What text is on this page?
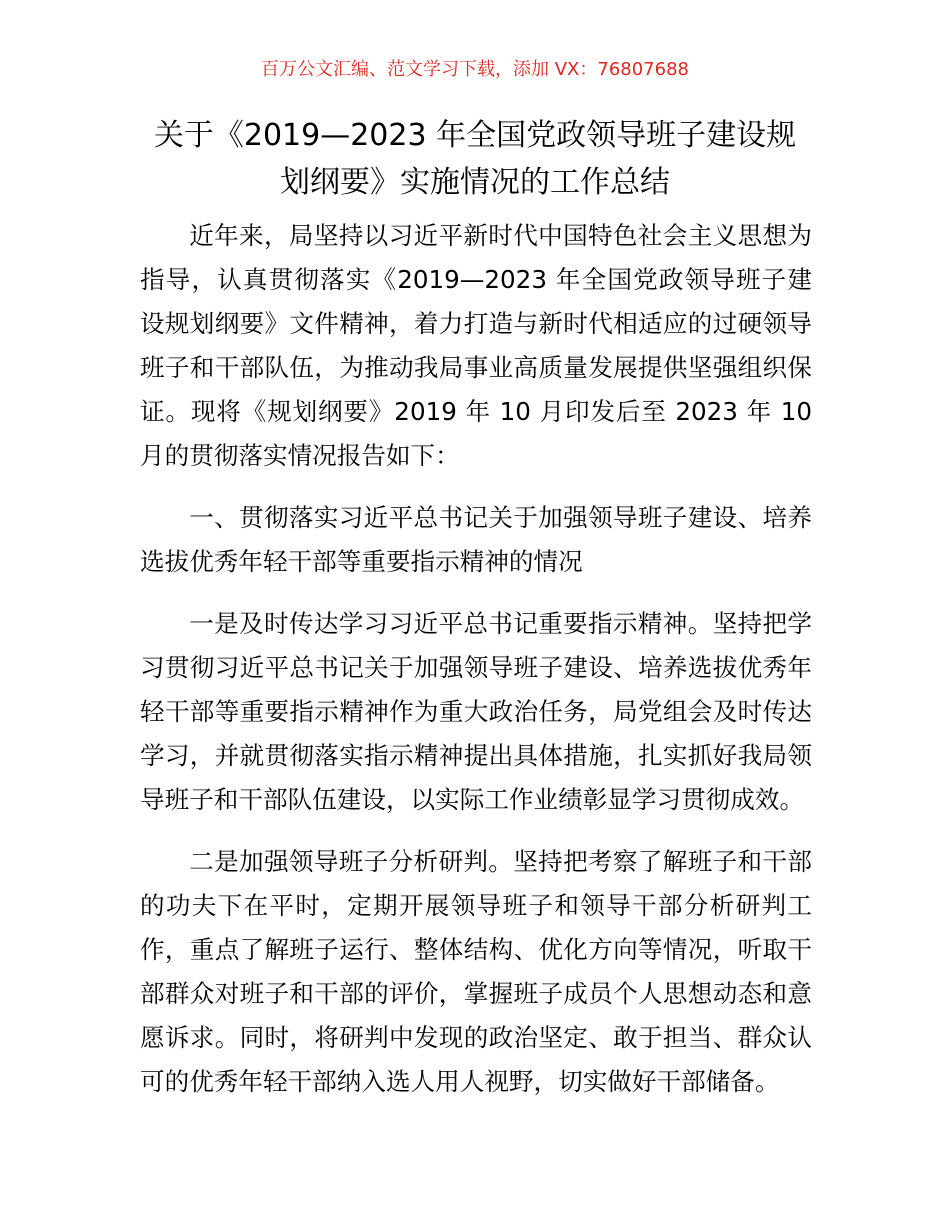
百万公文汇编、范文学习下载，添加 VX：76807688
关于《2019—2023 年全国党政领导班子建设规
划纲要》实施情况的工作总结

近年来，局坚持以习近平新时代中国特色社会主义思想为指导，认真贯彻落实《2019—2023 年全国党政领导班子建设规划纲要》文件精神，着力打造与新时代相适应的过硬领导班子和干部队伍，为推动我局事业高质量发展提供坚强组织保证。现将《规划纲要》2019 年 10 月印发后至 2023 年 10 月的贯彻落实情况报告如下：

一、贯彻落实习近平总书记关于加强领导班子建设、培养选拔优秀年轻干部等重要指示精神的情况

一是及时传达学习习近平总书记重要指示精神。坚持把学习贯彻习近平总书记关于加强领导班子建设、培养选拔优秀年轻干部等重要指示精神作为重大政治任务，局党组会及时传达学习，并就贯彻落实指示精神提出具体措施，扎实抓好我局领导班子和干部队伍建设，以实际工作业绩彰显学习贯彻成效。

二是加强领导班子分析研判。坚持把考察了解班子和干部的功夫下在平时，定期开展领导班子和领导干部分析研判工作，重点了解班子运行、整体结构、优化方向等情况，听取干部群众对班子和干部的评价，掌握班子成员个人思想动态和意愿诉求。同时，将研判中发现的政治坚定、敢于担当、群众认可的优秀年轻干部纳入选人用人视野，切实做好干部储备。
